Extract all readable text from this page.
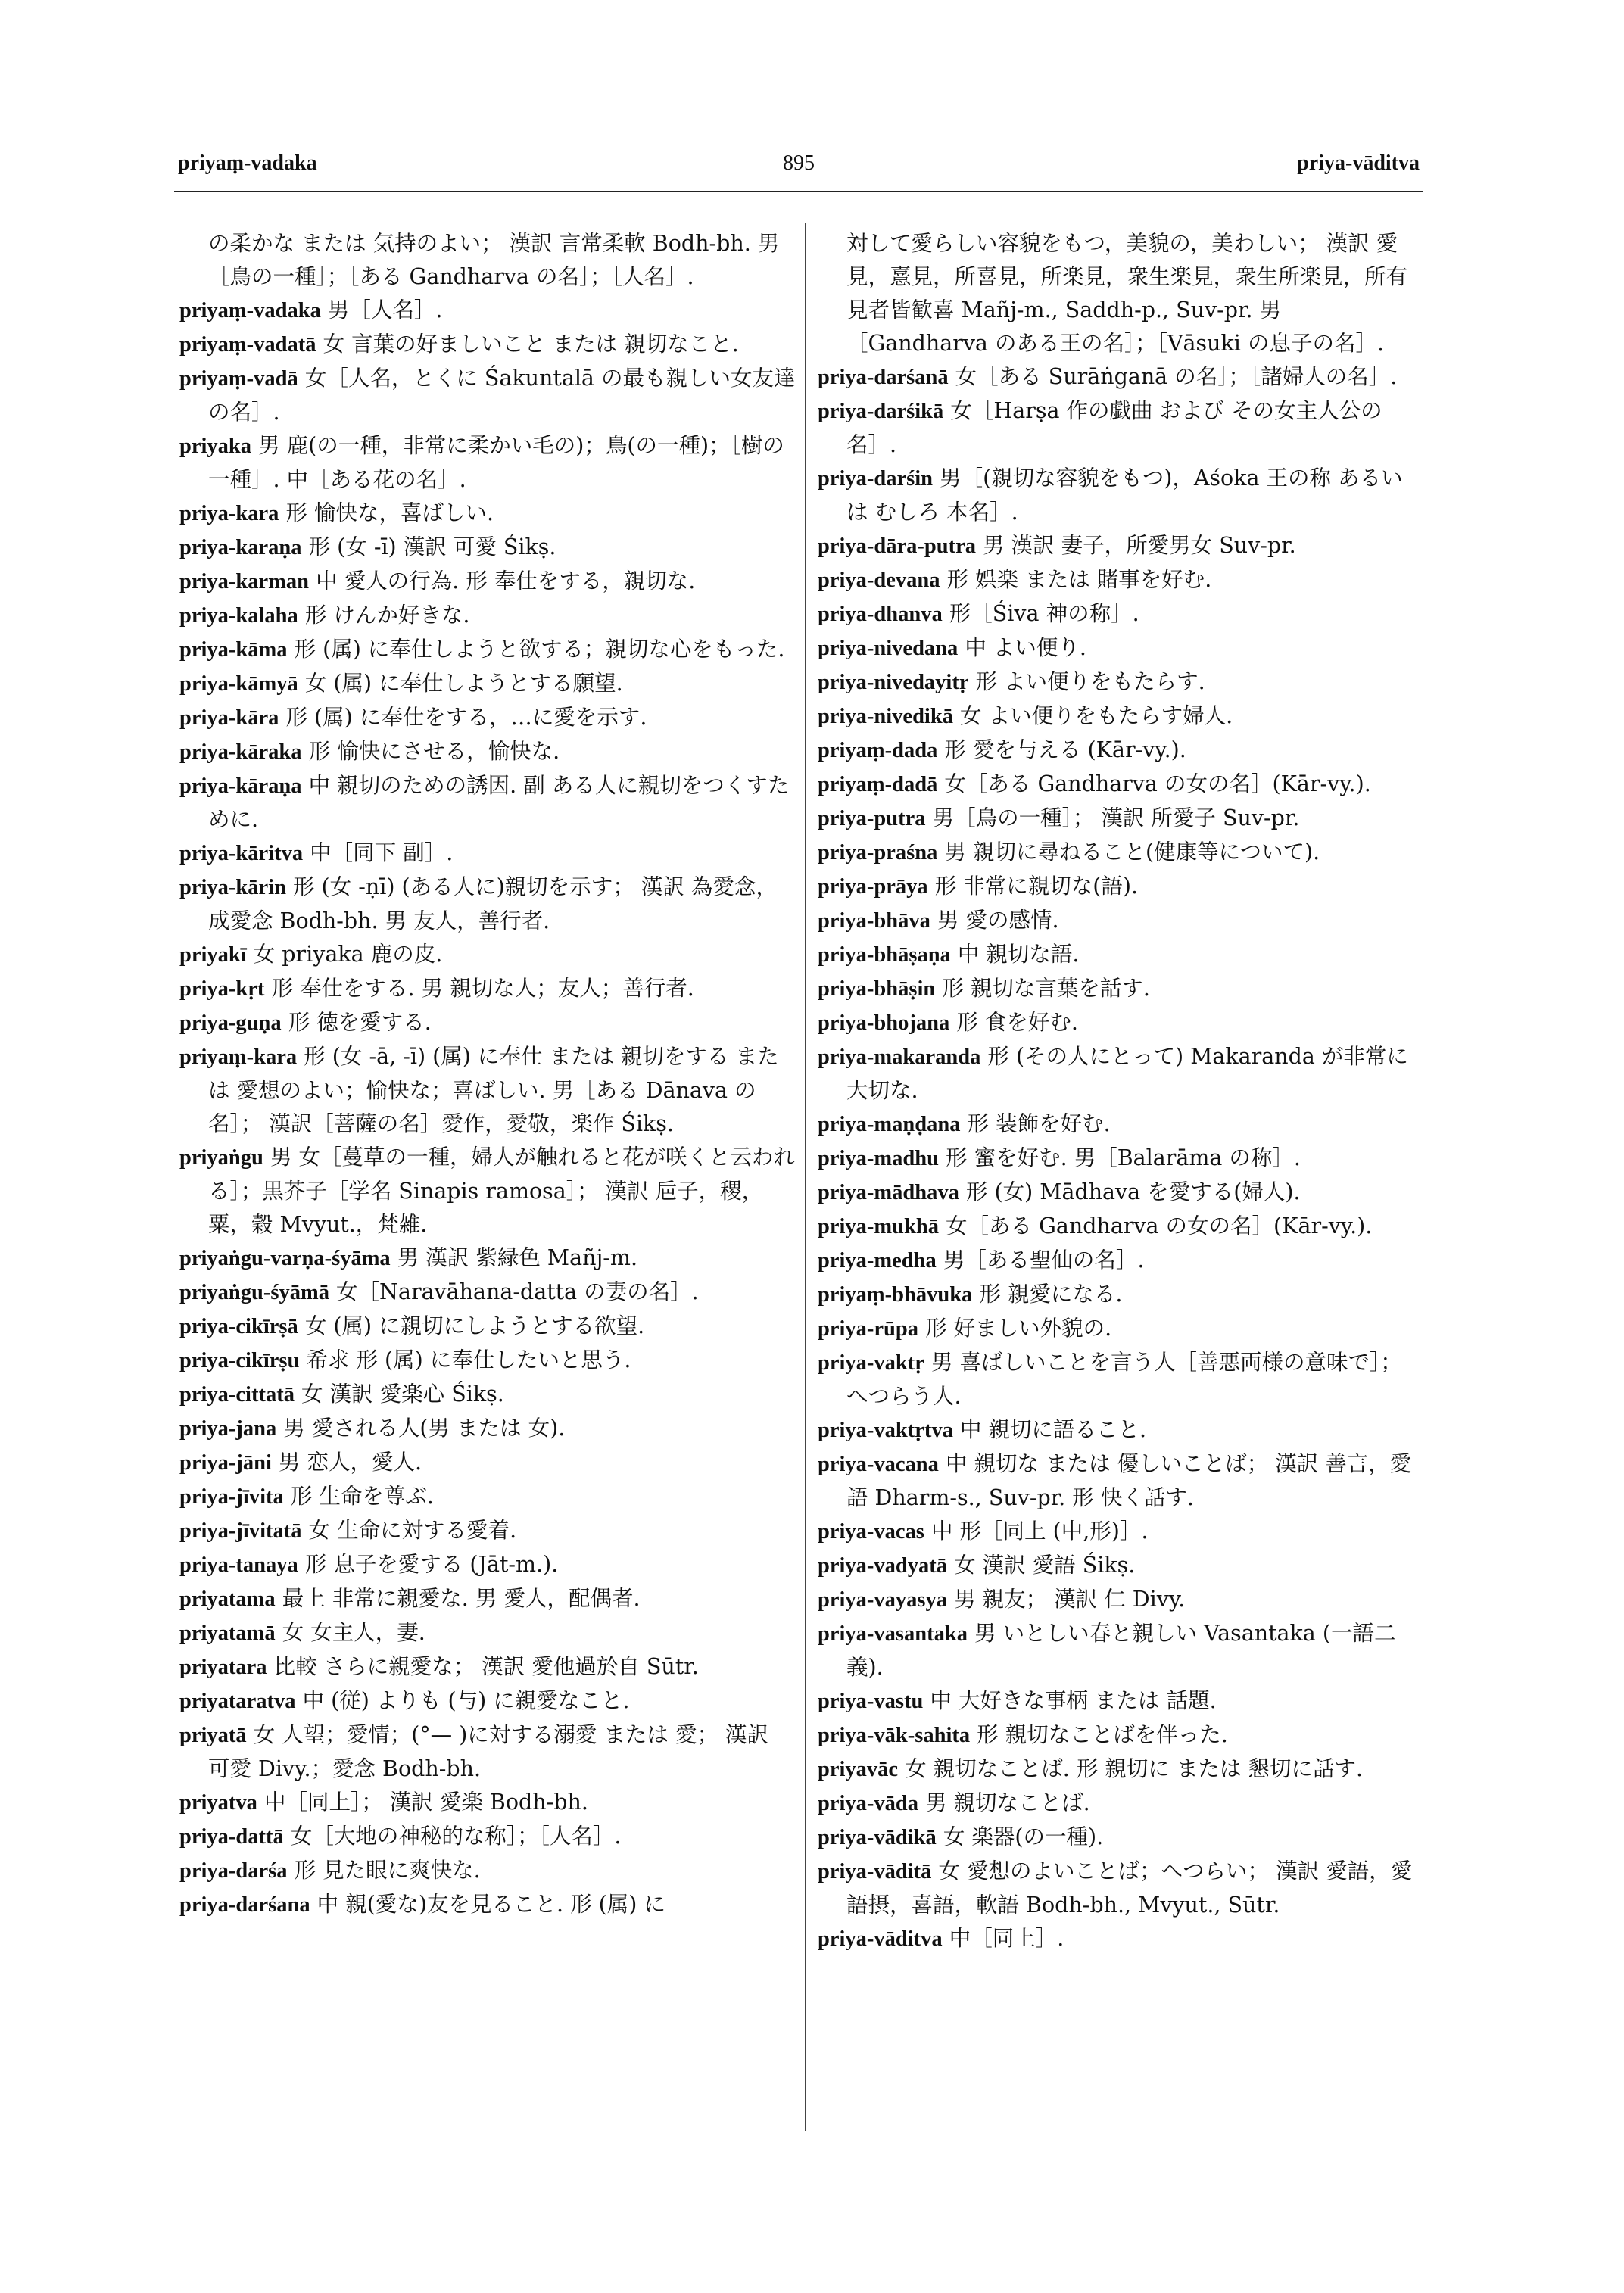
priyaṃ-vadaka	895	priya-vāditva
の柔かな または 気持のよい； 漢訳 言常柔軟 Bodh-bh. 男［鳥の一種］；［ある Gandharva の名］；［人名］.
priyaṃ-vadaka 男［人名］.
priyaṃ-vadatā 女 言葉の好ましいこと または 親切なこと.
priyaṃ-vadā 女［人名，とくに Śakuntalā の最も親しい女友達の名］.
priyaka 男 鹿(の一種，非常に柔かい毛の)；鳥(の一種)；［樹の一種］. 中［ある花の名］.
priya-kara 形 愉快な，喜ばしい.
priya-karaṇa 形 (女 -ī) 漢訳 可愛 Śikṣ.
priya-karman 中 愛人の行為. 形 奉仕をする，親切な.
priya-kalaha 形 けんか好きな.
priya-kāma 形 (属) に奉仕しようと欲する；親切な心をもった.
priya-kāmyā 女 (属) に奉仕しようとする願望.
priya-kāra 形 (属) に奉仕をする，…に愛を示す.
priya-kāraka 形 愉快にさせる，愉快な.
priya-kāraṇa 中 親切のための誘因. 副 ある人に親切をつくすために.
priya-kāritva 中［同下 副］.
priya-kārin 形 (女 -ṇī) (ある人に)親切を示す； 漢訳 為愛念，成愛念 Bodh-bh. 男 友人，善行者.
priyakī 女 priyaka 鹿の皮.
priya-kṛt 形 奉仕をする. 男 親切な人；友人；善行者.
priya-guṇa 形 徳を愛する.
priyaṃ-kara 形 (女 -ā, -ī) (属) に奉仕 または 親切をする または 愛想のよい；愉快な；喜ばしい. 男［ある Dānava の名］； 漢訳［菩薩の名］愛作，愛敬，楽作 Śikṣ.
priyaṅgu 男 女［蔓草の一種，婦人が触れると花が咲くと云われる］；黒芥子［学名 Sinapis ramosa］； 漢訳 巵子，稷，粟，穀 Mvyut.，梵雑.
priyaṅgu-varṇa-śyāma 男 漢訳 紫緑色 Mañj-m.
priyaṅgu-śyāmā 女［Naravāhana-datta の妻の名］.
priya-cikīrṣā 女 (属) に親切にしようとする欲望.
priya-cikīrṣu 希求 形 (属) に奉仕したいと思う.
priya-cittatā 女 漢訳 愛楽心 Śikṣ.
priya-jana 男 愛される人(男 または 女).
priya-jāni 男 恋人，愛人.
priya-jīvita 形 生命を尊ぶ.
priya-jīvitatā 女 生命に対する愛着.
priya-tanaya 形 息子を愛する (Jāt-m.).
priyatama 最上 非常に親愛な. 男 愛人，配偶者.
priyatamā 女 女主人，妻.
priyatara 比較 さらに親愛な； 漢訳 愛他過於自 Sūtr.
priyataratva 中 (従) よりも (与) に親愛なこと.
priyatā 女 人望；愛情；(°— )に対する溺愛 または 愛； 漢訳 可愛 Divy.；愛念 Bodh-bh.
priyatva 中［同上］； 漢訳 愛楽 Bodh-bh.
priya-dattā 女［大地の神秘的な称］；［人名］.
priya-darśa 形 見た眼に爽快な.
priya-darśana 中 親(愛な)友を見ること. 形 (属) に
対して愛らしい容貌をもつ，美貌の，美わしい； 漢訳 愛見，憙見，所喜見，所楽見，衆生楽見，衆生所楽見，所有見者皆歓喜 Mañj-m., Saddh-p., Suv-pr. 男［Gandharva のある王の名］；［Vāsuki の息子の名］.
priya-darśanā 女［ある Surāṅganā の名］；［諸婦人の名］.
priya-darśikā 女［Harṣa 作の戯曲 および その女主人公の名］.
priya-darśin 男［(親切な容貌をもつ)，Aśoka 王の称 あるいは むしろ 本名］.
priya-dāra-putra 男 漢訳 妻子，所愛男女 Suv-pr.
priya-devana 形 娯楽 または 賭事を好む.
priya-dhanva 形［Śiva 神の称］.
priya-nivedana 中 よい便り.
priya-nivedayitṛ 形 よい便りをもたらす.
priya-nivedikā 女 よい便りをもたらす婦人.
priyaṃ-dada 形 愛を与える (Kār-vy.).
priyaṃ-dadā 女［ある Gandharva の女の名］(Kār-vy.).
priya-putra 男［鳥の一種］； 漢訳 所愛子 Suv-pr.
priya-praśna 男 親切に尋ねること(健康等について).
priya-prāya 形 非常に親切な(語).
priya-bhāva 男 愛の感情.
priya-bhāṣaṇa 中 親切な語.
priya-bhāṣin 形 親切な言葉を話す.
priya-bhojana 形 食を好む.
priya-makaranda 形 (その人にとって) Makaranda が非常に大切な.
priya-maṇḍana 形 装飾を好む.
priya-madhu 形 蜜を好む. 男［Balarāma の称］.
priya-mādhava 形 (女) Mādhava を愛する(婦人).
priya-mukhā 女［ある Gandharva の女の名］(Kār-vy.).
priya-medha 男［ある聖仙の名］.
priyaṃ-bhāvuka 形 親愛になる.
priya-rūpa 形 好ましい外貌の.
priya-vaktṛ 男 喜ばしいことを言う人［善悪両様の意味で］；へつらう人.
priya-vaktṛtva 中 親切に語ること.
priya-vacana 中 親切な または 優しいことば； 漢訳 善言，愛語 Dharm-s., Suv-pr. 形 快く話す.
priya-vacas 中 形［同上 (中,形)］.
priya-vadyatā 女 漢訳 愛語 Śikṣ.
priya-vayasya 男 親友； 漢訳 仁 Divy.
priya-vasantaka 男 いとしい春と親しい Vasantaka (一語二義).
priya-vastu 中 大好きな事柄 または 話題.
priya-vāk-sahita 形 親切なことばを伴った.
priyavāc 女 親切なことば. 形 親切に または 懇切に話す.
priya-vāda 男 親切なことば.
priya-vādikā 女 楽器(の一種).
priya-vāditā 女 愛想のよいことば；へつらい； 漢訳 愛語，愛語摂，喜語，軟語 Bodh-bh., Mvyut., Sūtr.
priya-vāditva 中［同上］.
